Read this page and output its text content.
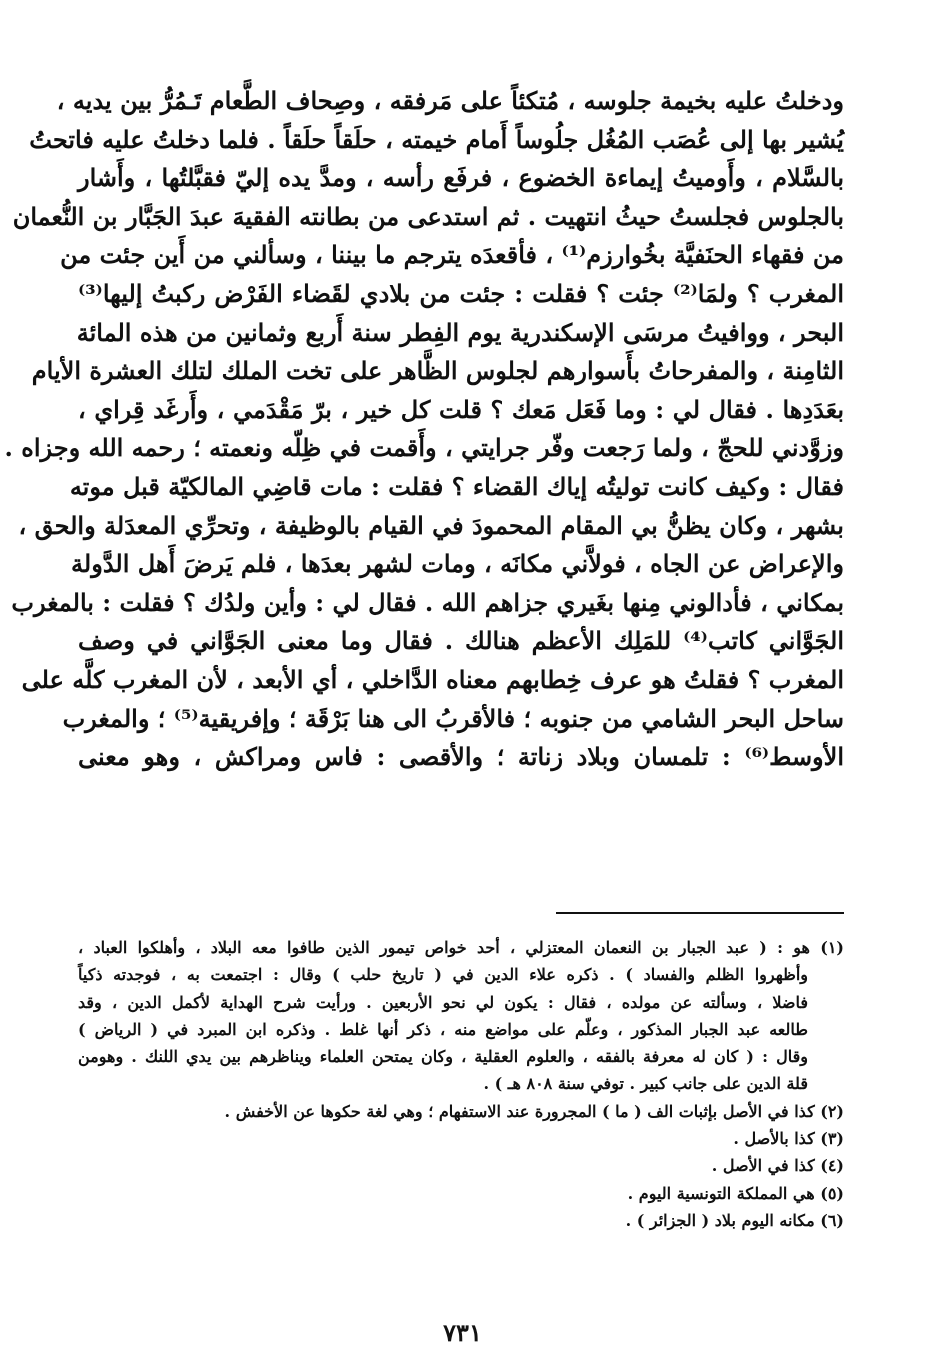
ودخلتُ عليه بخيمة جلوسه ، مُتكئاً على مَرفقه ، وصِحاف الطَّعام تَـمُرُّ بين يديه ،
يُشير بها إلى عُصَب المُغُل جلُوساً أَمام خيمته ، حلَقاً حلَقاً . فلما دخلتُ عليه فاتحتُ
بالسَّلام ، وأَوميتُ إيماءة الخضوع ، فرفَع رأسه ، ومدَّ يده إليّ فقبَّلتُها ، وأَشار
بالجلوس فجلستُ حيثُ انتهيت . ثم استدعى من بطانته الفقيهَ عبدَ الجَبَّار بن النُّعمان
من فقهاء الحنَفيَّة بخُوارزم⁽¹⁾ ، فأقعدَه يترجم ما بيننا ، وسألني من أَين جئت من
المغرب ؟ ولمَا⁽²⁾ جئت ؟ فقلت : جئت من بلادي لقَضاء الفَرْض ركبتُ إليها⁽³⁾
البحر ، ووافيتُ مرسَى الإسكندرية يوم الفِطر سنة أَربع وثمانين من هذه المائة
الثامِنة ، والمفرحاتُ بأَسوارهم لجلوس الظَّاهر على تخت الملك لتلك العشرة الأيام
بعَدَدِها . فقال لي : وما فَعَل مَعك ؟ قلت كل خير ، برّ مَقْدَمي ، وأَرغَد قِراي ،
وزوَّدني للحجّ ، ولما رَجعت وفّر جرايتي ، وأَقمت في ظِلّه ونعمته ؛ رحمه الله وجزاه .
فقال : وكيف كانت توليتُه إياك القضاء ؟ فقلت : مات قاضِي المالكيّة قبل موته
بشهر ، وكان يظنُّ بي المقام المحمودَ في القيام بالوظيفة ، وتحرِّي المعدَلة والحق ،
والإعراض عن الجاه ، فولاَّني مكانَه ، ومات لشهر بعدَها ، فلم يَرضَ أَهل الدَّولة
بمكاني ، فأدالوني مِنها بغَيري جزاهم الله . فقال لي : وأين ولدُك ؟ فقلت : بالمغرب
الجَوَّاني كاتب⁽⁴⁾ للمَلِك الأعظم هنالك . فقال وما معنى الجَوَّاني في وصف
المغرب ؟ فقلتُ هو عرف خِطابهم معناه الدَّاخلي ، أي الأبعد ، لأن المغرب كلَّه على
ساحل البحر الشامي من جنوبه ؛ فالأقربُ الى هنا بَرْقَة ؛ وإفريقية⁽⁵⁾ ؛ والمغرب
الأوسط⁽⁶⁾ : تلمسان وبلاد زناتة ؛ والأقصى : فاس ومراكش ، وهو معنى
(١) هو : ( عبد الجبار بن النعمان المعتزلي ، أحد خواص تيمور الذين طافوا معه البلاد ، وأهلكوا العباد ،
وأظهروا الظلم والفساد ) . ذكره علاء الدين في ( تاريخ حلب ) وقال : اجتمعت به ، فوجدته ذكياً
فاضلا ، وسألته عن مولده ، فقال : يكون لي نحو الأربعين . ورأيت شرح الهداية لأكمل الدين ، وقد
طالعه عبد الجبار المذكور ، وعلّم على مواضع منه ، ذكر أنها غلط . وذكره ابن المبرد في ( الرياض )
وقال : ( كان له معرفة بالفقه ، والعلوم العقلية ، وكان يمتحن العلماء ويناظرهم بين يدي اللنك . وهومن
قلة الدين على جانب كبير . توفي سنة ٨٠٨ هـ ) .
(٢) كذا في الأصل بإثبات الف ( ما ) المجرورة عند الاستفهام ؛ وهي لغة حكوها عن الأخفش .
(٣) كذا بالأصل .
(٤) كذا في الأصل .
(٥) هي المملكة التونسية اليوم .
(٦) مكانه اليوم بلاد ( الجزائر ) .
٧٣١
